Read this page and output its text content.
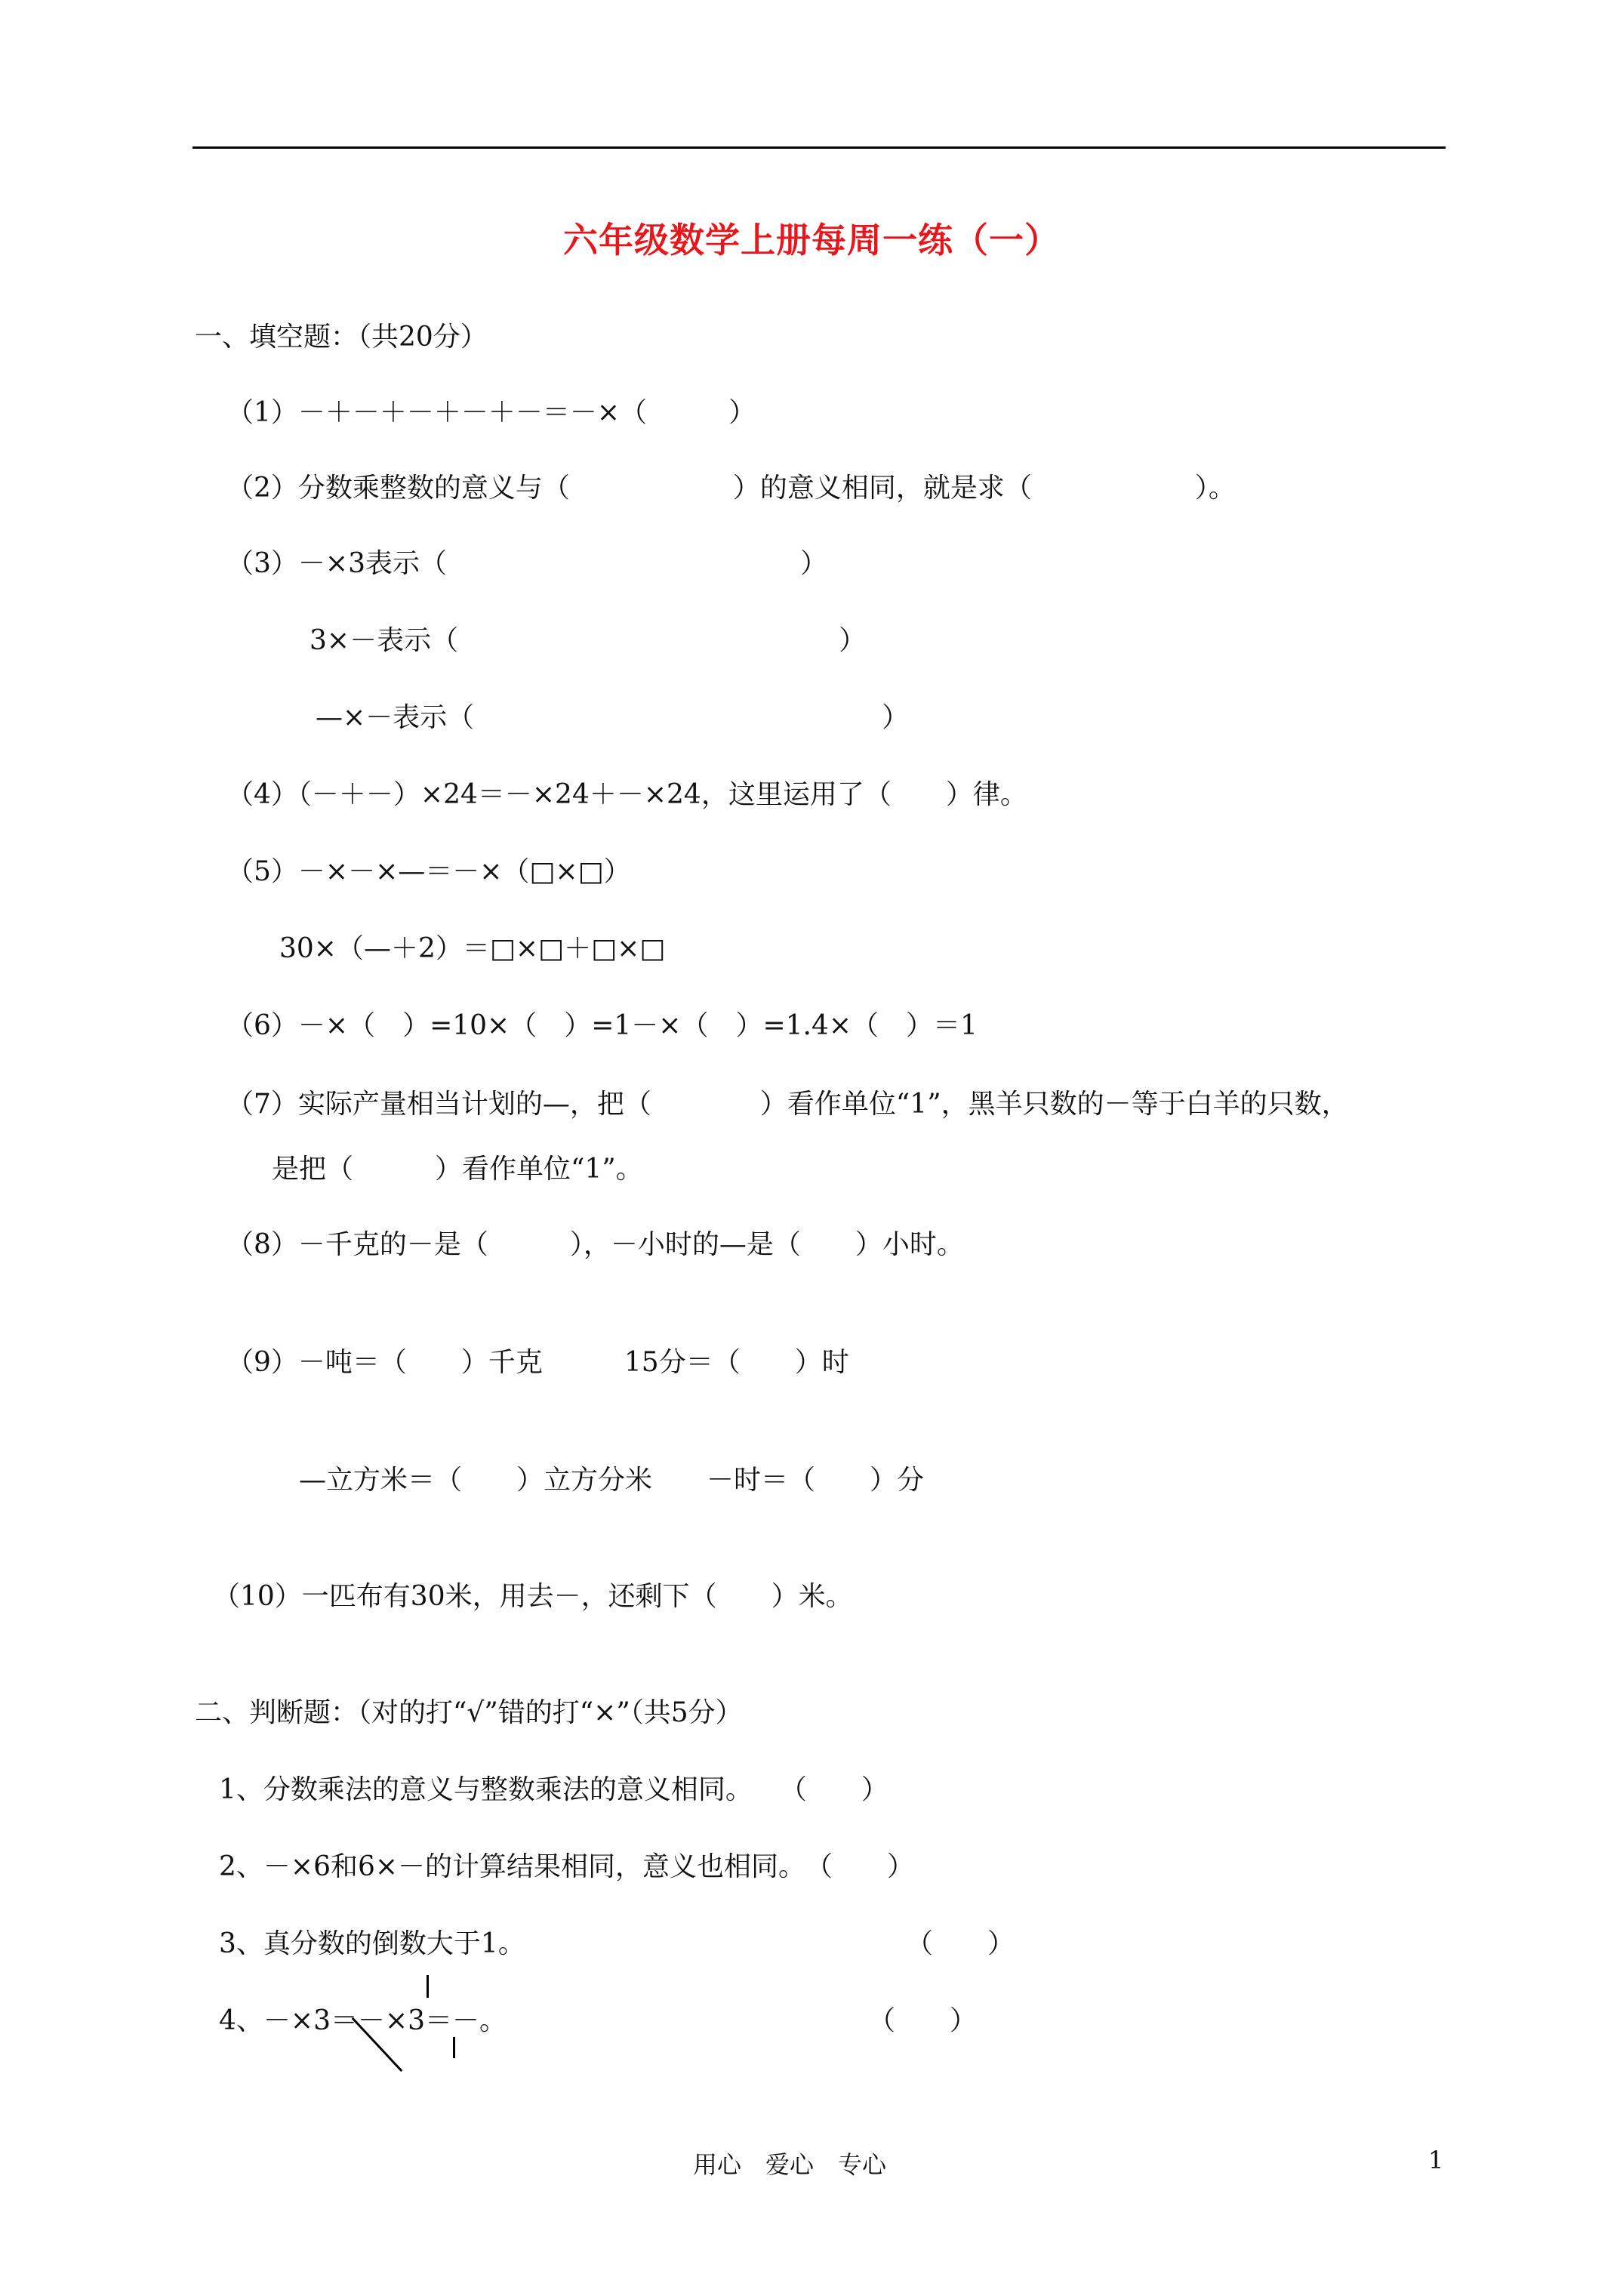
六年级数学上册每周一练（一）
一、填空题：（共20分）
（1）－＋－＋－＋－＋－＝－×（　　　）
（2）分数乘整数的意义与（　　　　　　）的意义相同，就是求（　　　　　　）。
（3）－×3表示（　　　　　　　　　　　　　）
3×－表示（　　　　　　　　　　　　　　）
—×－表示（　　　　　　　　　　　　　　　）
（4）（－＋－）×24＝－×24＋－×24，这里运用了（　　）律。
（5）－×－×—＝－×（□×□）
30×（—＋2）＝□×□＋□×□
（6）－×（　）=10×（　）=1－×（　）=1.4×（　）＝1
（7）实际产量相当计划的—，把（　　　　）看作单位“1”，黑羊只数的－等于白羊的只数，
是把（　　　）看作单位“1”。
（8）－千克的－是（　　　），－小时的—是（　　）小时。
（9）－吨＝（　　）千克　　　15分＝（　　）时
—立方米＝（　　）立方分米　　－时＝（　　）分
（10）一匹布有30米，用去－，还剩下（　　）米。
二、判断题：（对的打“√”错的打“×”（共5分）
1、分数乘法的意义与整数乘法的意义相同。　　（　　）
2、－×6和6×－的计算结果相同，意义也相同。　（　　）
3、真分数的倒数大于1。	（　　）
4、－×3＝－×3＝－。	（　　）
用心　爱心　专心	1
